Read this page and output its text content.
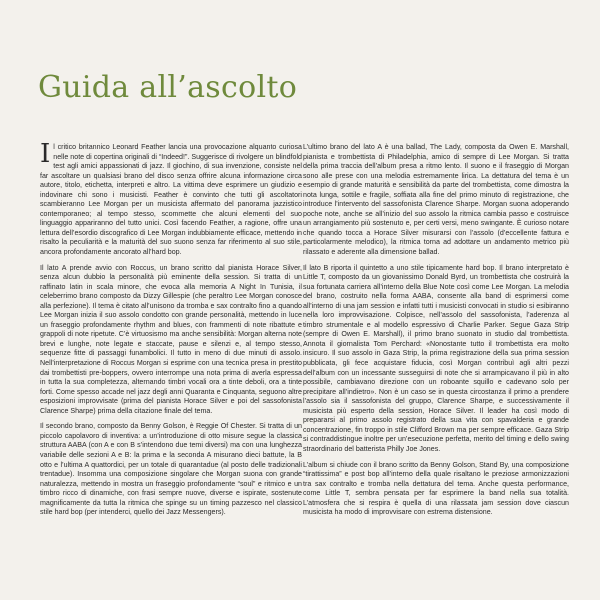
Guida all’ascolto

Il critico britannico Leonard Feather lancia una provocazione alquanto curiosa nelle note di copertina originali di “Indeed!”. Suggerisce di rivolgere un blindfold test agli amici appassionati di jazz. Il giochino, di sua invenzione, consiste nel far ascoltare un qualsiasi brano del disco senza offrire alcuna informazione circa autore, titolo, etichetta, interpreti e altro. La vittima deve esprimere un giudizio e indovinare chi sono i musicisti. Feather è convinto che tutti gli ascoltatori scambieranno Lee Morgan per un musicista affermato del panorama jazzistico contemporaneo; al tempo stesso, scommette che alcuni elementi del suo linguaggio appariranno del tutto unici. Così facendo Feather, a ragione, offre una lettura dell’esordio discografico di Lee Morgan indubbiamente efficace, mettendo in risalto la peculiarità e la maturità del suo suono senza far riferimento al suo stile, ancora profondamente ancorato all’hard bop.

Il lato A prende avvio con Roccus, un brano scritto dal pianista Horace Silver, senza alcun dubbio la personalità più eminente della session. Si tratta di un raffinato latin in scala minore, che evoca alla memoria A Night In Tunisia, il celeberrimo brano composto da Dizzy Gillespie (che peraltro Lee Morgan conosce alla perfezione). Il tema è citato all’unisono da tromba e sax contralto fino a quando Lee Morgan inizia il suo assolo condotto con grande personalità, mettendo in luce un fraseggio profondamente rhythm and blues, con frammenti di note ribattute e grappoli di note ripetute. C’è virtuosismo ma anche sensibilità: Morgan alterna note brevi e lunghe, note legate e staccate, pause e silenzi e, al tempo stesso, sequenze fitte di passaggi funambolici. Il tutto in meno di due minuti di assolo. Nell’interpretazione di Roccus Morgan si esprime con una tecnica presa in prestito dai trombettisti pre-boppers, ovvero interrompe una nota prima di averla espressa in tutta la sua completezza, alternando timbri vocali ora a tinte deboli, ora a tinte forti. Come spesso accade nel jazz degli anni Quaranta e Cinquanta, seguono altre esposizioni improvvisate (prima del pianista Horace Silver e poi del sassofonista Clarence Sharpe) prima della citazione finale del tema.

Il secondo brano, composto da Benny Golson, è Reggie Of Chester. Si tratta di un piccolo capolavoro di inventiva: a un’introduzione di otto misure segue la classica struttura AABA (con A e con B s’intendono due temi diversi) ma con una lunghezza variabile delle sezioni A e B: la prima e la seconda A misurano dieci battute, la B otto e l’ultima A quattordici, per un totale di quarantadue (al posto delle tradizionali trentadue). Insomma una composizione singolare che Morgan suona con grande naturalezza, mettendo in mostra un fraseggio profondamente “soul” e ritmico e un timbro ricco di dinamiche, con frasi sempre nuove, diverse e ispirate, sostenute magnificamente da tutta la ritmica che spinge su un timing pazzesco nel classico stile hard bop (per intenderci, quello dei Jazz Messengers).

L’ultimo brano del lato A è una ballad, The Lady, composta da Owen E. Marshall, pianista e trombettista di Philadelphia, amico di sempre di Lee Morgan. Si tratta della prima traccia dell’album presa a ritmo lento. Il suono e il fraseggio di Morgan sono alle prese con una melodia estremamente lirica. La dettatura del tema è un esempio di grande maturità e sensibilità da parte del trombettista, come dimostra la nota lunga, sottile e fragile, soffiata alla fine del primo minuto di registrazione, che introduce l’intervento del sassofonista Clarence Sharpe. Morgan suona adoperando poche note, anche se all’inizio del suo assolo la ritmica cambia passo e costruisce un arrangiamento più sostenuto e, per certi versi, meno swingante. È curioso notare che quando tocca a Horace Silver misurarsi con l’assolo (d’eccellente fattura e particolarmente melodico), la ritmica torna ad adottare un andamento metrico più rilassato e aderente alla dimensione ballad.

Il lato B riporta il quintetto a uno stile tipicamente hard bop. Il brano interpretato è Little T, composto da un giovanissimo Donald Byrd, un trombettista che costruirà la sua fortunata carriera all’interno della Blue Note così come Lee Morgan. La melodia del brano, costruito nella forma AABA, consente alla band di esprimersi come all’interno di una jam session e infatti tutti i musicisti convocati in studio si esibiranno nella loro improvvisazione. Colpisce, nell’assolo del sassofonista, l’aderenza al timbro strumentale e al modello espressivo di Charlie Parker. Segue Gaza Strip (sempre di Owen E. Marshall), il primo brano suonato in studio dal trombettista. Annota il giornalista Tom Perchard: «Nonostante tutto il trombettista era molto insicuro. Il suo assolo in Gaza Strip, la prima registrazione della sua prima session pubblicata, gli fece acquistare fiducia, così Morgan contribuì agli altri pezzi dell’album con un incessante susseguirsi di note che si arrampicavano il più in alto possibile, cambiavano direzione con un roboante squillo e cadevano solo per precipitare all’indietro». Non è un caso se in questa circostanza il primo a prendere l’assolo sia il sassofonista del gruppo, Clarence Sharpe, e successivamente il musicista più esperto della session, Horace Silver. Il leader ha così modo di prepararsi al primo assolo registrato della sua vita con spavalderia e grande concentrazione, fin troppo in stile Clifford Brown ma per sempre efficace. Gaza Strip si contraddistingue inoltre per un’esecuzione perfetta, merito del timing e dello swing straordinario del batterista Philly Joe Jones.

L’album si chiude con il brano scritto da Benny Golson, Stand By, una composizione “tirattissima” e post bop all’interno della quale risaltano le preziose armonizzazioni tra sax contralto e tromba nella dettatura del tema. Anche questa performance, come Little T, sembra pensata per far esprimere la band nella sua totalità. L’atmosfera che si respira è quella di una rilassata jam session dove ciascun musicista ha modo di improvvisare con estrema distensione.
